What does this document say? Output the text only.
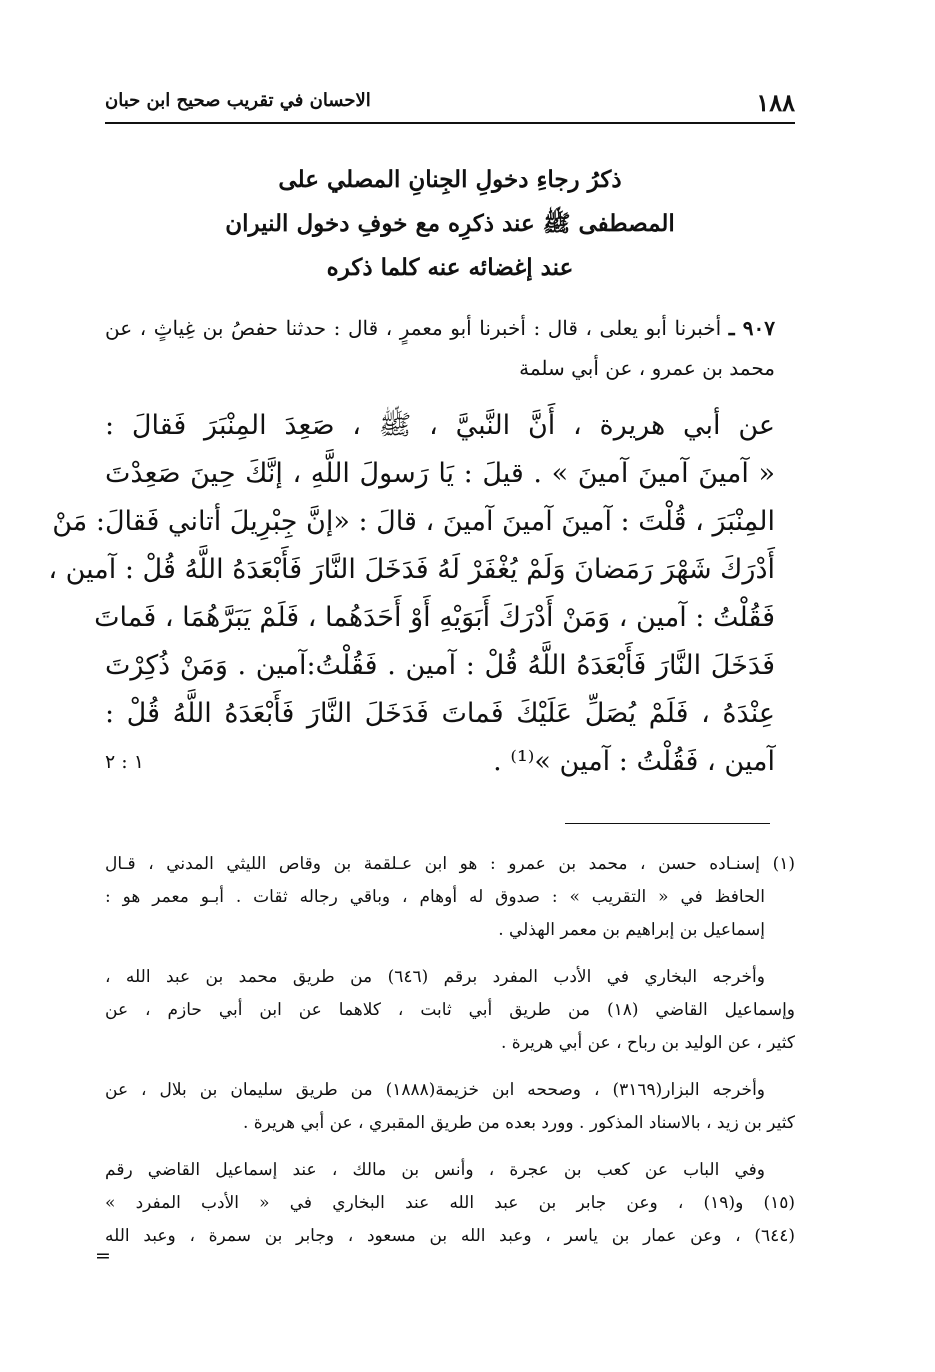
١٨٨
الاحسان في تقريب صحيح ابن حبان
ذكرُ رجاءِ دخولِ الجِنانِ المصلي على
المصطفى ﷺ عند ذكرِه مع خوفِ دخول النيران
عند إغضائه عنه كلما ذكره
٩٠٧ ـ أخبرنا أبو يعلى ، قال : أخبرنا أبو معمرٍ ، قال : حدثنا حفصُ بن غِياثٍ ، عن محمد بن عمرو ، عن أبي سلمة
عن أبي هريرة ، أَنَّ النَّبيَّ ، ﷺ ، صَعِدَ المِنْبَرَ فَقالَ :
« آمينَ آمينَ آمينَ » . قيلَ : يَا رَسولَ اللَّهِ ، إنَّكَ حِينَ صَعِدْتَ
المِنْبَرَ ، قُلْتَ : آمينَ آمينَ آمينَ ، قالَ : «إنَّ جِبْرِيلَ أتاني فَقالَ: مَنْ
أَدْرَكَ شَهْرَ رَمَضانَ وَلَمْ يُغْفَرْ لَهُ فَدَخَلَ النَّارَ فَأَبْعَدَهُ اللَّهُ قُلْ : آمين ،
فَقُلْتُ : آمين ، وَمَنْ أَدْرَكَ أَبَوَيْهِ أَوْ أَحَدَهُما ، فَلَمْ يَبَرَّهُمَا ، فَماتَ
فَدَخَلَ النَّارَ فَأَبْعَدَهُ اللَّهُ قُلْ : آمين . فَقُلْتُ:آمين . وَمَنْ ذُكِرْتَ
عِنْدَهُ ، فَلَمْ يُصَلِّ عَلَيْكَ فَماتَ فَدَخَلَ النَّارَ فَأَبْعَدَهُ اللَّهُ قُلْ :
آمين ، فَقُلْتُ : آمين »⁽¹⁾ .
١ : ٢
(١) إسنـاده حسن ، محمد بن عمرو : هو ابن عـلقمة بن وقاص الليثي المدني ، قـال
الحافظ في « التقريب » : صدوق له أوهام ، وباقي رجاله ثقات . أبـو معمر هو :
إسماعيل بن إبراهيم بن معمر الهذلي .
وأخرجه البخاري في الأدب المفرد برقم (٦٤٦) من طريق محمد بن عبد الله ،
وإسماعيل القاضي (١٨) من طريق أبي ثابت ، كلاهما عن ابن أبي حازم ، عن
كثير ، عن الوليد بن رباح ، عن أبي هريرة .
وأخرجه البزار(٣١٦٩) ، وصححه ابن خزيمة(١٨٨٨) من طريق سليمان بن بلال ، عن
كثير بن زيد ، بالاسناد المذكور . وورد بعده من طريق المقبري ، عن أبي هريرة .
وفي الباب عن كعب بن عجرة ، وأنس بن مالك ، عند إسماعيل القاضي رقم
(١٥) و(١٩) ، وعن جابر بن عبد الله عند البخاري في « الأدب المفرد »
(٦٤٤) ، وعن عمار بن ياسر ، وعبد الله بن مسعود ، وجابر بن سمرة ، وعبد الله
=
